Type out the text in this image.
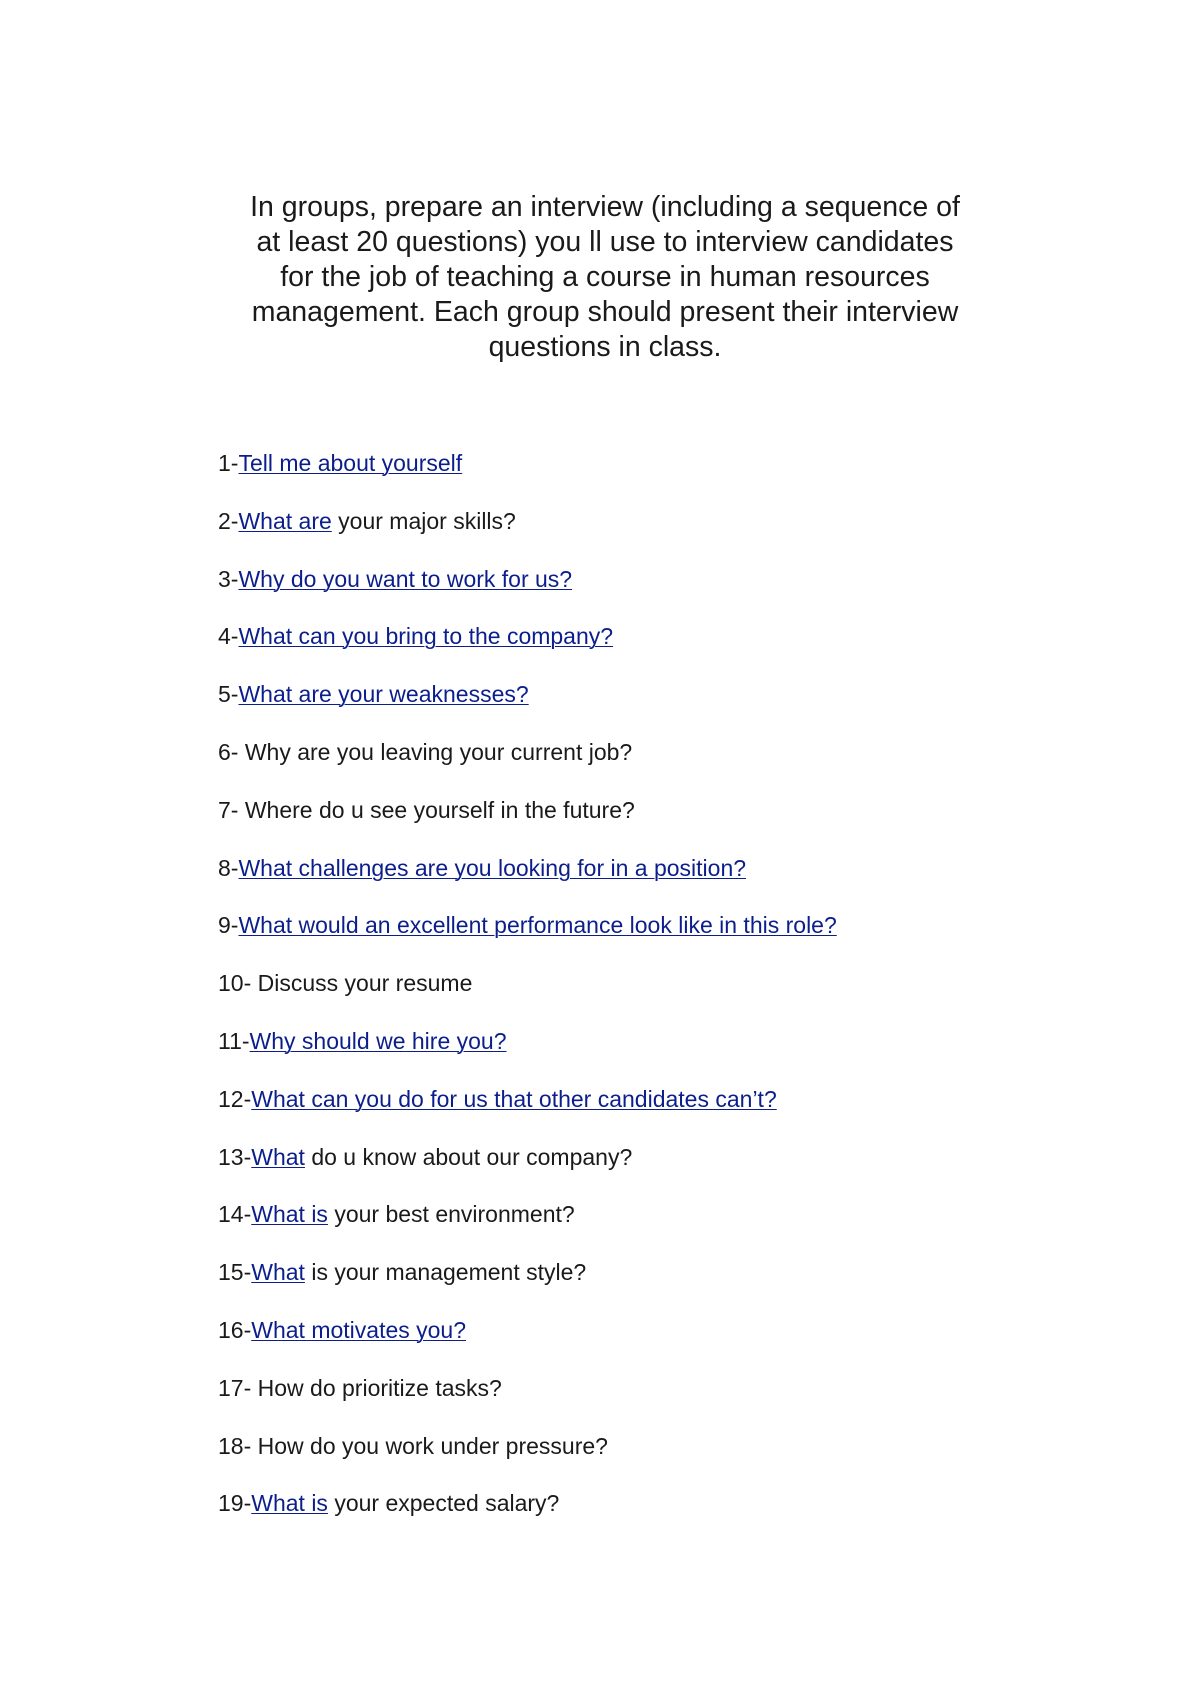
In groups, prepare an interview (including a sequence of
at least 20 questions) you ll use to interview candidates
for the job of teaching a course in human resources
management. Each group should present their interview
questions in class.

1-Tell me about yourself
2-What are your major skills?
3-Why do you want to work for us?
4-What can you bring to the company?
5-What are your weaknesses?
6- Why are you leaving your current job?
7- Where do u see yourself in the future?
8-What challenges are you looking for in a position?
9-What would an excellent performance look like in this role?
10- Discuss your resume
11-Why should we hire you?
12-What can you do for us that other candidates can’t?
13-What do u know about our company?
14-What is your best environment?
15-What is your management style?
16-What motivates you?
17- How do prioritize tasks?
18- How do you work under pressure?
19-What is your expected salary?
